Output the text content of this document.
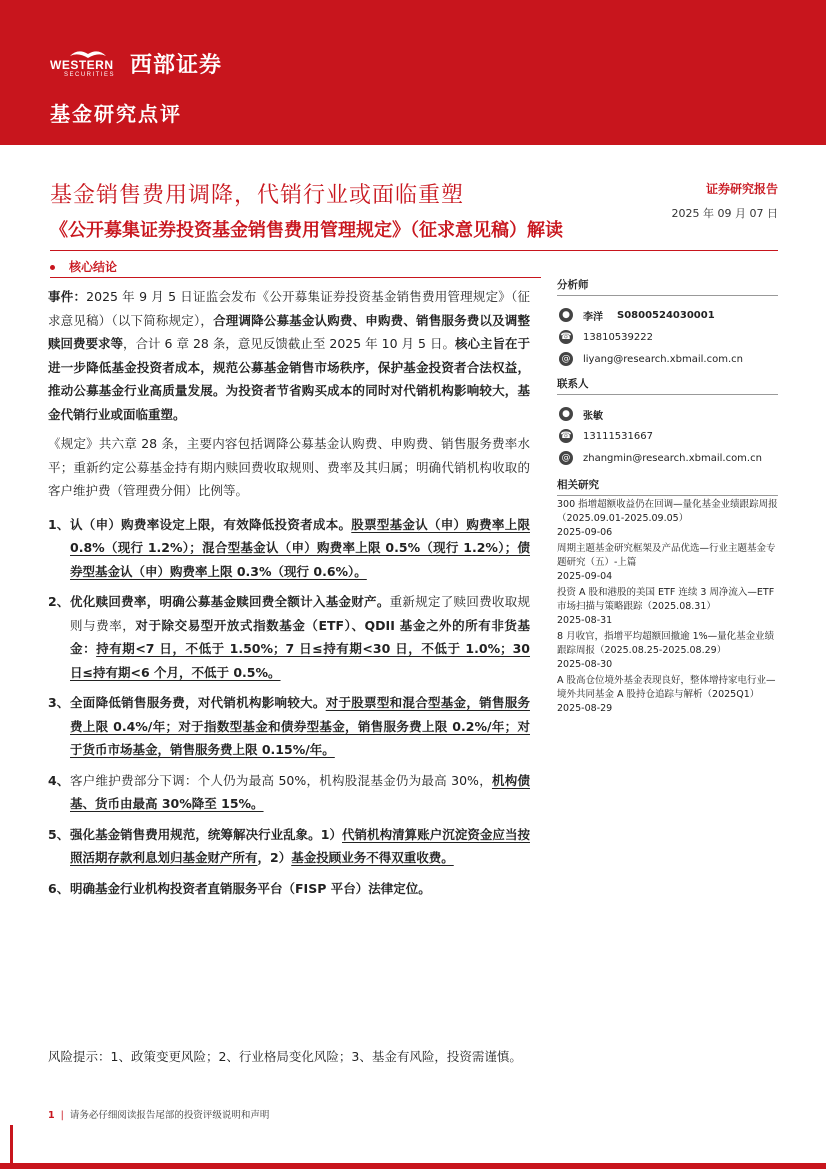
WESTERN
SECURITIES 西部证券
基金研究点评
基金销售费用调降，代销行业或面临重塑
《公开募集证券投资基金销售费用管理规定》（征求意见稿）解读
证券研究报告
2025 年 09 月 07 日
核心结论

事件：2025 年 9 月 5 日证监会发布《公开募集证券投资基金销售费用管理规定》（征求意见稿）（以下简称规定），合理调降公募基金认购费、申购费、销售服务费以及调整赎回费要求等，合计 6 章 28 条，意见反馈截止至 2025 年 10 月 5 日。核心主旨在于进一步降低基金投资者成本，规范公募基金销售市场秩序，保护基金投资者合法权益，推动公募基金行业高质量发展。为投资者节省购买成本的同时对代销机构影响较大，基金代销行业或面临重塑。

《规定》共六章 28 条，主要内容包括调降公募基金认购费、申购费、销售服务费率水平；重新约定公募基金持有期内赎回费收取规则、费率及其归属；明确代销机构收取的客户维护费（管理费分佣）比例等。

1、 认（申）购费率设定上限，有效降低投资者成本。股票型基金认（申）购费率上限 0.8%（现行 1.2%）；混合型基金认（申）购费率上限 0.5%（现行 1.2%）；债券型基金认（申）购费率上限 0.3%（现行 0.6%）。
2、 优化赎回费率，明确公募基金赎回费全额计入基金财产。重新规定了赎回费收取规则与费率，对于除交易型开放式指数基金（ETF）、QDII 基金之外的所有非货基金：持有期<7 日，不低于 1.50%；7 日≤持有期<30 日，不低于 1.0%；30 日≤持有期<6 个月，不低于 0.5%。
3、 全面降低销售服务费，对代销机构影响较大。对于股票型和混合型基金，销售服务费上限 0.4%/年；对于指数型基金和债券型基金，销售服务费上限 0.2%/年；对于货币市场基金，销售服务费上限 0.15%/年。
4、 客户维护费部分下调：个人仍为最高 50%，机构股混基金仍为最高 30%，机构债基、货币由最高 30%降至 15%。
5、 强化基金销售费用规范，统筹解决行业乱象。1）代销机构清算账户沉淀资金应当按照活期存款利息划归基金财产所有，2）基金投顾业务不得双重收费。
6、 明确基金行业机构投资者直销服务平台（FISP 平台）法律定位。
风险提示：1、政策变更风险；2、行业格局变化风险；3、基金有风险，投资需谨慎。
分析师
●	李洋 S0800524030001
☎ 13810539222
@ liyang@research.xbmail.com.cn
联系人
●	张敏
☎ 13111531667
@ zhangmin@research.xbmail.com.cn
相关研究
300 指增超额收益仍在回调—量化基金业绩跟踪周报（2025.09.01-2025.09.05）
2025-09-06
周期主题基金研究框架及产品优选—行业主题基金专题研究（五）-上篇
2025-09-04
投资 A 股和港股的美国 ETF 连续 3 周净流入—ETF 市场扫描与策略跟踪（2025.08.31）
2025-08-31
8 月收官，指增平均超额回撤逾 1%—量化基金业绩跟踪周报（2025.08.25-2025.08.29）
2025-08-30
A 股高仓位境外基金表现良好，整体增持家电行业—境外共同基金 A 股持仓追踪与解析（2025Q1）
2025-08-29
1 | 请务必仔细阅读报告尾部的投资评级说明和声明
